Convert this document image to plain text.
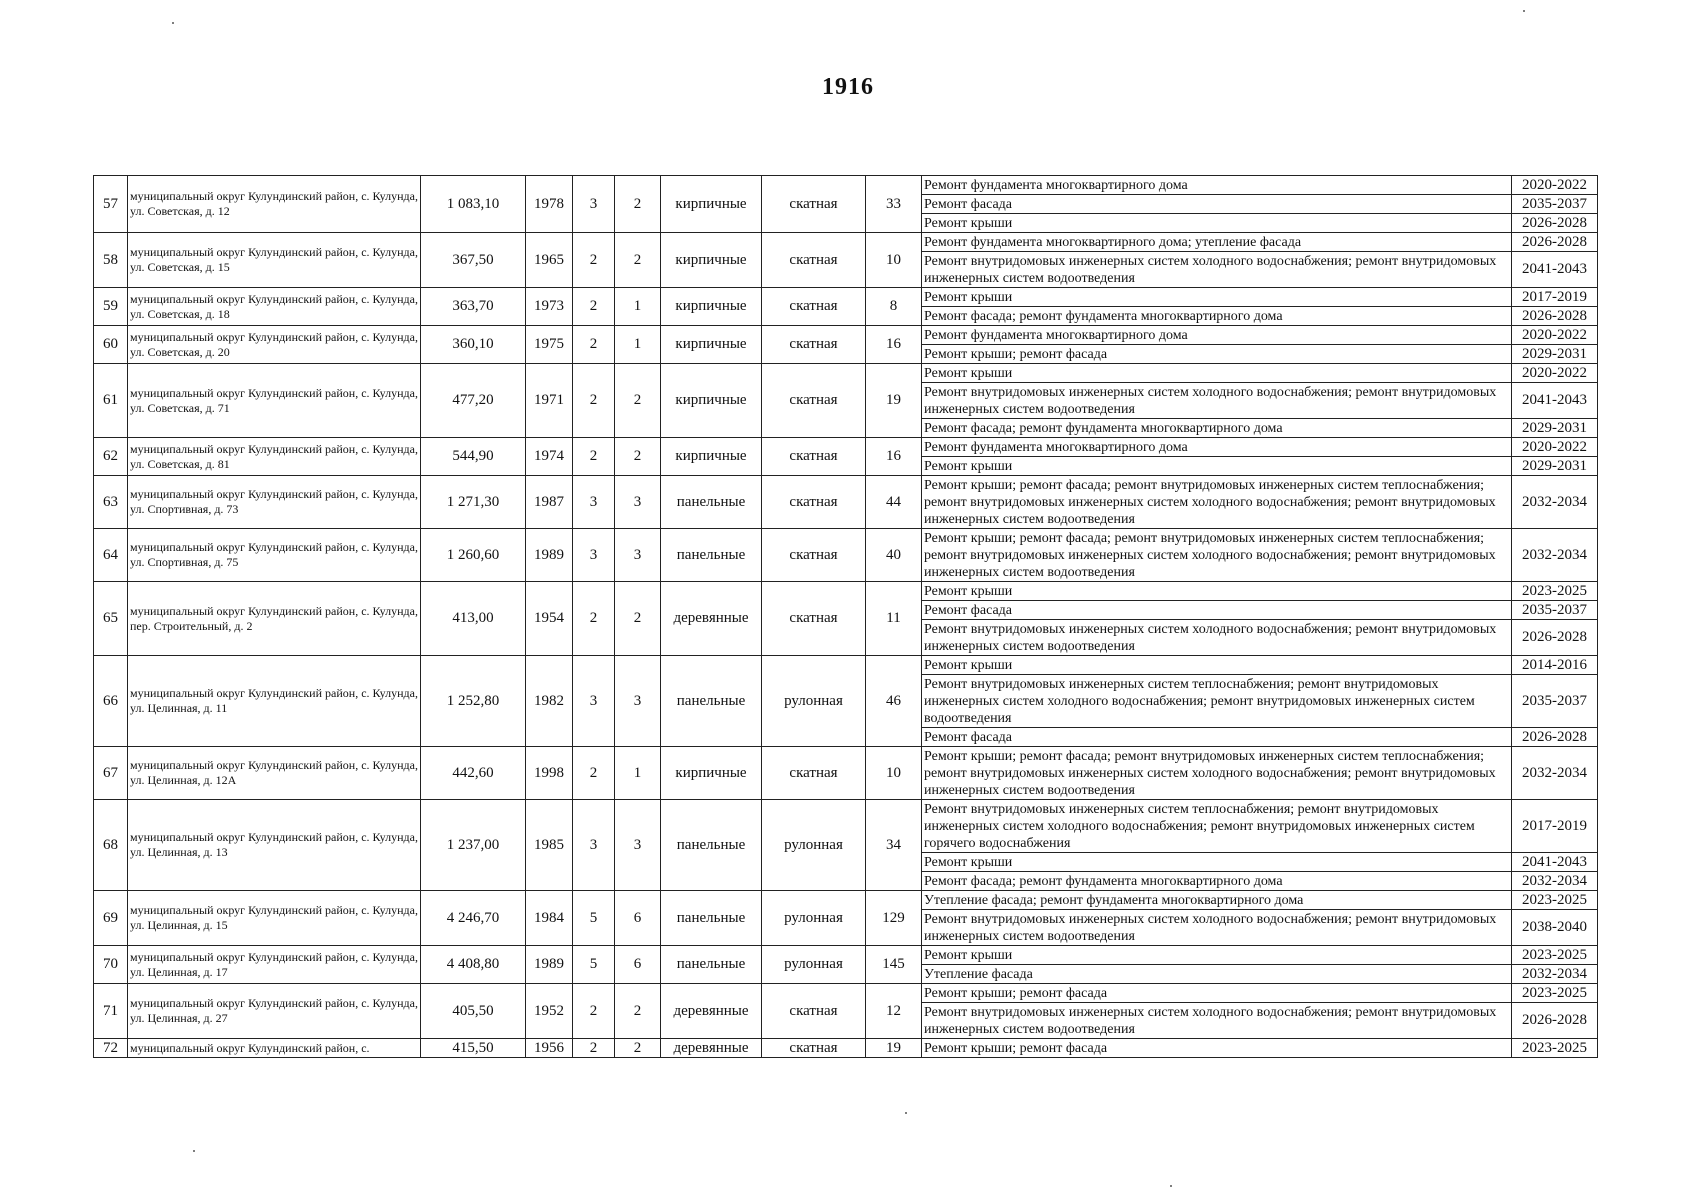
1916
57	муниципальный округ Кулундинский район, с. Кулунда, ул. Советская, д. 12	1 083,10	1978	3	2	кирпичные	скатная	33	Ремонт фундамента многоквартирного дома	2020-2022
									Ремонт фасада	2035-2037
									Ремонт крыши	2026-2028
58	муниципальный округ Кулундинский район, с. Кулунда, ул. Советская, д. 15	367,50	1965	2	2	кирпичные	скатная	10	Ремонт фундамента многоквартирного дома; утепление фасада	2026-2028
									Ремонт внутридомовых инженерных систем холодного водоснабжения; ремонт внутридомовых инженерных систем водоотведения	2041-2043
59	муниципальный округ Кулундинский район, с. Кулунда, ул. Советская, д. 18	363,70	1973	2	1	кирпичные	скатная	8	Ремонт крыши	2017-2019
									Ремонт фасада; ремонт фундамента многоквартирного дома	2026-2028
60	муниципальный округ Кулундинский район, с. Кулунда, ул. Советская, д. 20	360,10	1975	2	1	кирпичные	скатная	16	Ремонт фундамента многоквартирного дома	2020-2022
									Ремонт крыши; ремонт фасада	2029-2031
61	муниципальный округ Кулундинский район, с. Кулунда, ул. Советская, д. 71	477,20	1971	2	2	кирпичные	скатная	19	Ремонт крыши	2020-2022
									Ремонт внутридомовых инженерных систем холодного водоснабжения; ремонт внутридомовых инженерных систем водоотведения	2041-2043
									Ремонт фасада; ремонт фундамента многоквартирного дома	2029-2031
62	муниципальный округ Кулундинский район, с. Кулунда, ул. Советская, д. 81	544,90	1974	2	2	кирпичные	скатная	16	Ремонт фундамента многоквартирного дома	2020-2022
									Ремонт крыши	2029-2031
63	муниципальный округ Кулундинский район, с. Кулунда, ул. Спортивная, д. 73	1 271,30	1987	3	3	панельные	скатная	44	Ремонт крыши; ремонт фасада; ремонт внутридомовых инженерных систем теплоснабжения; ремонт внутридомовых инженерных систем холодного водоснабжения; ремонт внутридомовых инженерных систем водоотведения	2032-2034
64	муниципальный округ Кулундинский район, с. Кулунда, ул. Спортивная, д. 75	1 260,60	1989	3	3	панельные	скатная	40	Ремонт крыши; ремонт фасада; ремонт внутридомовых инженерных систем теплоснабжения; ремонт внутридомовых инженерных систем холодного водоснабжения; ремонт внутридомовых инженерных систем водоотведения	2032-2034
65	муниципальный округ Кулундинский район, с. Кулунда, пер. Строительный, д. 2	413,00	1954	2	2	деревянные	скатная	11	Ремонт крыши	2023-2025
									Ремонт фасада	2035-2037
									Ремонт внутридомовых инженерных систем холодного водоснабжения; ремонт внутридомовых инженерных систем водоотведения	2026-2028
66	муниципальный округ Кулундинский район, с. Кулунда, ул. Целинная, д. 11	1 252,80	1982	3	3	панельные	рулонная	46	Ремонт крыши	2014-2016
									Ремонт внутридомовых инженерных систем теплоснабжения; ремонт внутридомовых инженерных систем холодного водоснабжения; ремонт внутридомовых инженерных систем водоотведения	2035-2037
									Ремонт фасада	2026-2028
67	муниципальный округ Кулундинский район, с. Кулунда, ул. Целинная, д. 12А	442,60	1998	2	1	кирпичные	скатная	10	Ремонт крыши; ремонт фасада; ремонт внутридомовых инженерных систем теплоснабжения; ремонт внутридомовых инженерных систем холодного водоснабжения; ремонт внутридомовых инженерных систем водоотведения	2032-2034
68	муниципальный округ Кулундинский район, с. Кулунда, ул. Целинная, д. 13	1 237,00	1985	3	3	панельные	рулонная	34	Ремонт внутридомовых инженерных систем теплоснабжения; ремонт внутридомовых инженерных систем холодного водоснабжения; ремонт внутридомовых инженерных систем горячего водоснабжения	2017-2019
									Ремонт крыши	2041-2043
									Ремонт фасада; ремонт фундамента многоквартирного дома	2032-2034
69	муниципальный округ Кулундинский район, с. Кулунда, ул. Целинная, д. 15	4 246,70	1984	5	6	панельные	рулонная	129	Утепление фасада; ремонт фундамента многоквартирного дома	2023-2025
									Ремонт внутридомовых инженерных систем холодного водоснабжения; ремонт внутридомовых инженерных систем водоотведения	2038-2040
70	муниципальный округ Кулундинский район, с. Кулунда, ул. Целинная, д. 17	4 408,80	1989	5	6	панельные	рулонная	145	Ремонт крыши	2023-2025
									Утепление фасада	2032-2034
71	муниципальный округ Кулундинский район, с. Кулунда, ул. Целинная, д. 27	405,50	1952	2	2	деревянные	скатная	12	Ремонт крыши; ремонт фасада	2023-2025
									Ремонт внутридомовых инженерных систем холодного водоснабжения; ремонт внутридомовых инженерных систем водоотведения	2026-2028
72	муниципальный округ Кулундинский район, с.	415,50	1956	2	2	деревянные	скатная	19	Ремонт крыши; ремонт фасада	2023-2025
